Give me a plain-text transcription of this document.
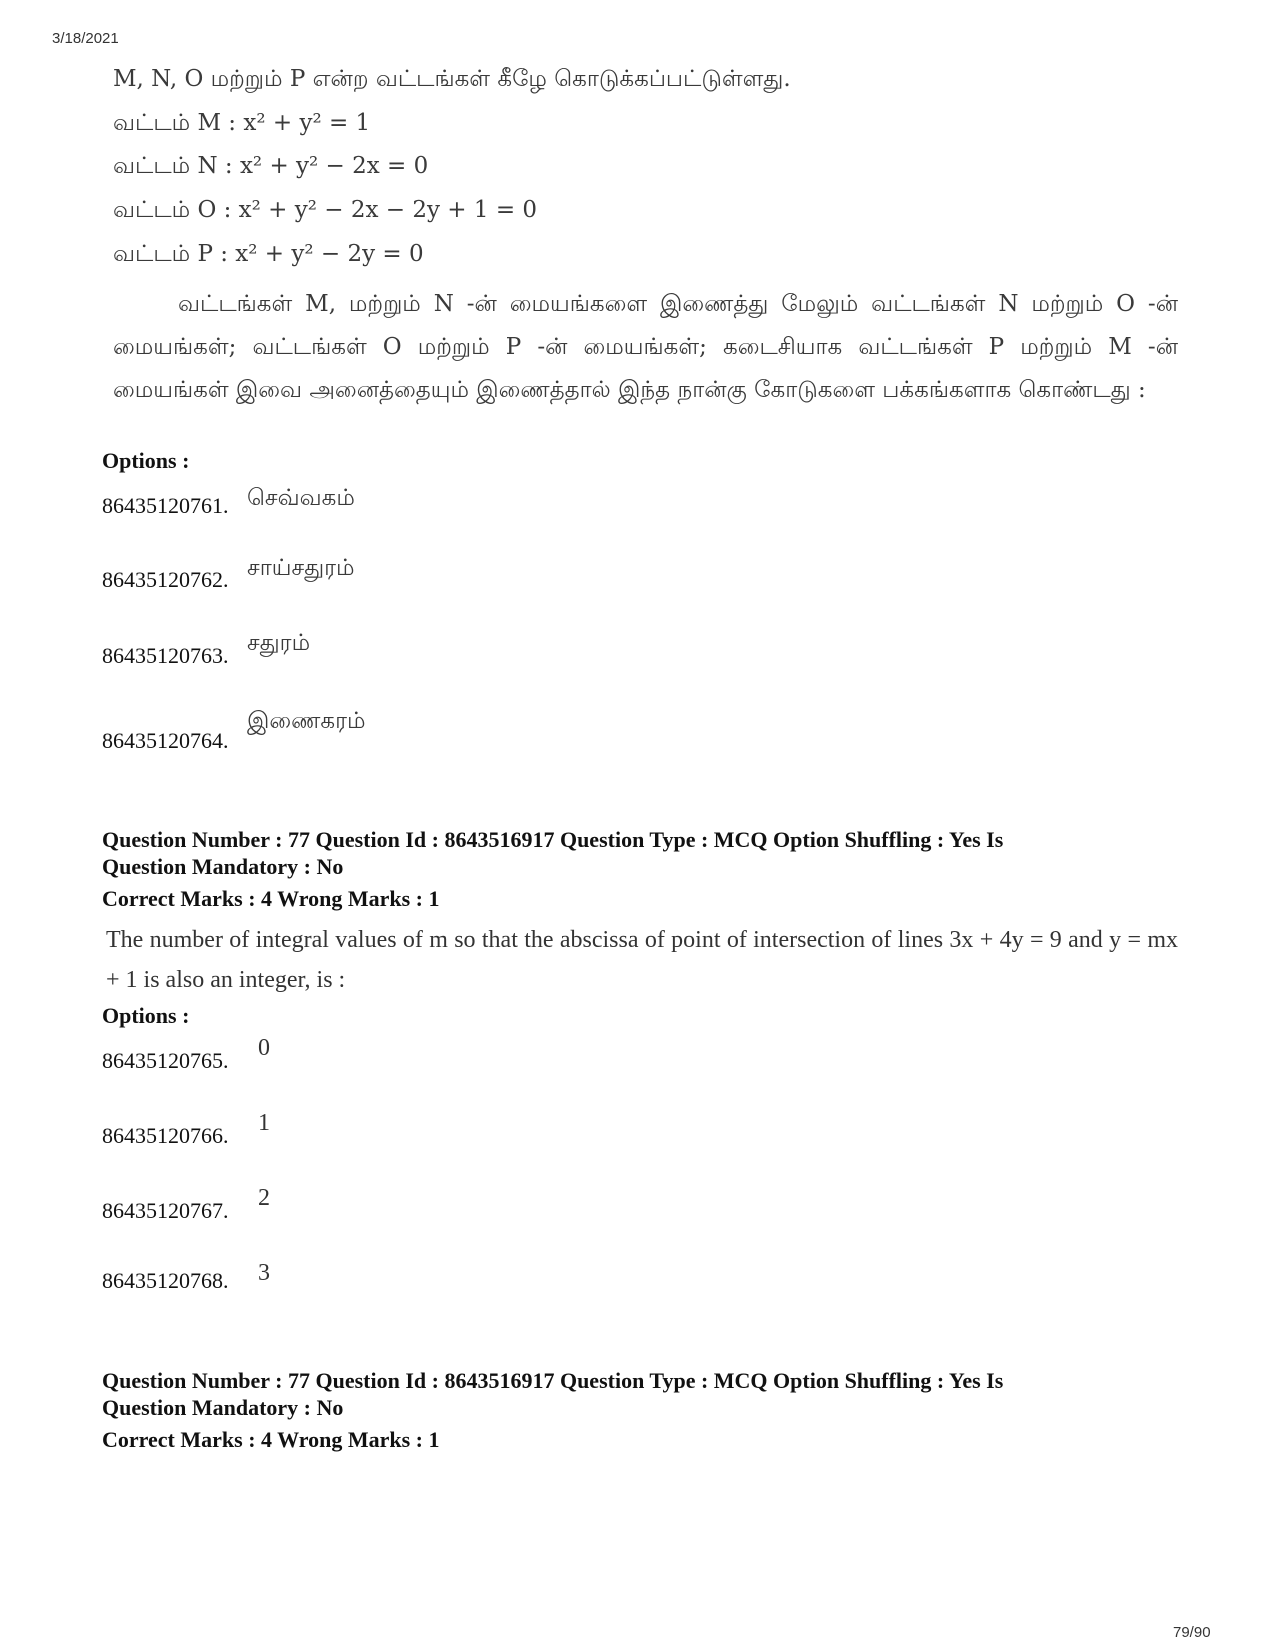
3/18/2021
M, N, O மற்றும் P என்ற வட்டங்கள் கீழே கொடுக்கப்பட்டுள்ளது.
வட்டம் M : x² + y² = 1
வட்டம் N : x² + y² − 2x = 0
வட்டம் O : x² + y² − 2x − 2y + 1 = 0
வட்டம் P : x² + y² − 2y = 0
வட்டங்கள் M, மற்றும் N -ன் மையங்களை இணைத்து மேலும் வட்டங்கள் N மற்றும் O -ன் மையங்கள்; வட்டங்கள் O மற்றும் P -ன் மையங்கள்; கடைசியாக வட்டங்கள் P மற்றும் M -ன் மையங்கள் இவை அனைத்தையும் இணைத்தால் இந்த நான்கு கோடுகளை பக்கங்களாக கொண்டது :
Options :
86435120761. செவ்வகம்
86435120762. சாய்சதுரம்
86435120763. சதுரம்
86435120764.
இணைகரம்
Question Number : 77 Question Id : 8643516917 Question Type : MCQ Option Shuffling : Yes Is
Question Mandatory : No
Correct Marks : 4 Wrong Marks : 1
The number of integral values of m so that the abscissa of point of intersection of lines 3x + 4y = 9 and y = mx + 1 is also an integer, is :
Options :
86435120765. 0
86435120766. 1
86435120767. 2
86435120768. 3
Question Number : 77 Question Id : 8643516917 Question Type : MCQ Option Shuffling : Yes Is
Question Mandatory : No
Correct Marks : 4 Wrong Marks : 1
79/90
